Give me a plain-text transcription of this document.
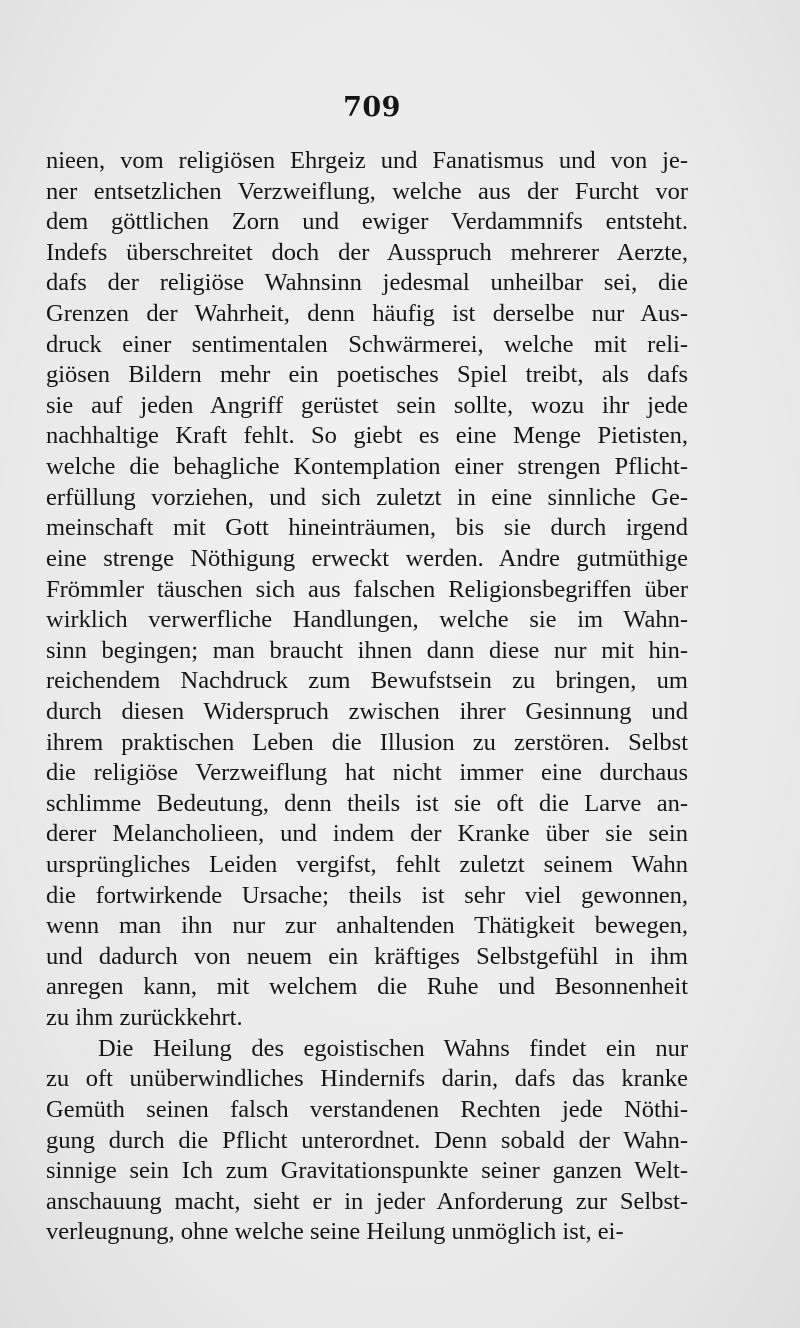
709
nieen, vom religiösen Ehrgeiz und Fanatismus und von je-
ner entsetzlichen Verzweiflung, welche aus der Furcht vor
dem göttlichen Zorn und ewiger Verdammnifs entsteht.
Indefs überschreitet doch der Ausspruch mehrerer Aerzte,
dafs der religiöse Wahnsinn jedesmal unheilbar sei, die
Grenzen der Wahrheit, denn häufig ist derselbe nur Aus-
druck einer sentimentalen Schwärmerei, welche mit reli-
giösen Bildern mehr ein poetisches Spiel treibt, als dafs
sie auf jeden Angriff gerüstet sein sollte, wozu ihr jede
nachhaltige Kraft fehlt. So giebt es eine Menge Pietisten,
welche die behagliche Kontemplation einer strengen Pflicht-
erfüllung vorziehen, und sich zuletzt in eine sinnliche Ge-
meinschaft mit Gott hineinträumen, bis sie durch irgend
eine strenge Nöthigung erweckt werden. Andre gutmüthige
Frömmler täuschen sich aus falschen Religionsbegriffen über
wirklich verwerfliche Handlungen, welche sie im Wahn-
sinn begingen; man braucht ihnen dann diese nur mit hin-
reichendem Nachdruck zum Bewufstsein zu bringen, um
durch diesen Widerspruch zwischen ihrer Gesinnung und
ihrem praktischen Leben die Illusion zu zerstören. Selbst
die religiöse Verzweiflung hat nicht immer eine durchaus
schlimme Bedeutung, denn theils ist sie oft die Larve an-
derer Melancholieen, und indem der Kranke über sie sein
ursprüngliches Leiden vergifst, fehlt zuletzt seinem Wahn
die fortwirkende Ursache; theils ist sehr viel gewonnen,
wenn man ihn nur zur anhaltenden Thätigkeit bewegen,
und dadurch von neuem ein kräftiges Selbstgefühl in ihm
anregen kann, mit welchem die Ruhe und Besonnenheit
zu ihm zurückkehrt.
Die Heilung des egoistischen Wahns findet ein nur
zu oft unüberwindliches Hindernifs darin, dafs das kranke
Gemüth seinen falsch verstandenen Rechten jede Nöthi-
gung durch die Pflicht unterordnet. Denn sobald der Wahn-
sinnige sein Ich zum Gravitationspunkte seiner ganzen Welt-
anschauung macht, sieht er in jeder Anforderung zur Selbst-
verleugnung, ohne welche seine Heilung unmöglich ist, ei-
